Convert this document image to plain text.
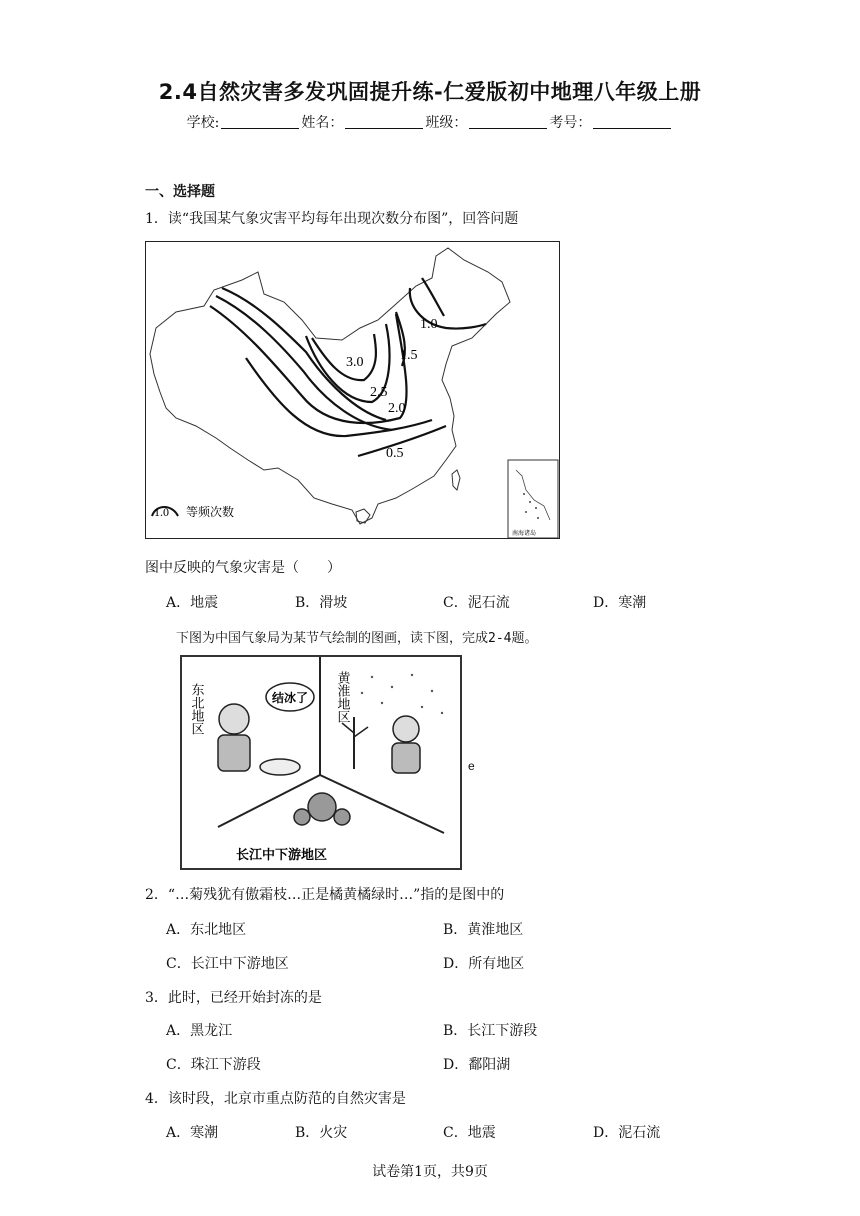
2.4自然灾害多发巩固提升练-仁爱版初中地理八年级上册
学校:	姓名：	班级：	考号：
一、选择题
1．读“我国某气象灾害平均每年出现次数分布图”，回答问题
3.0
2.5
2.0
1.5
1.0
0.5
1.0 等频次数
南海诸岛
图中反映的气象灾害是（　　）
A．地震	B．滑坡	C．泥石流	D．寒潮
下图为中国气象局为某节气绘制的图画，读下图，完成2-4题。
结冰了
东北地区	黄淮地区
长江中下游地区
e
2．“…菊残犹有傲霜枝…正是橘黄橘绿时…”指的是图中的
A．东北地区	B．黄淮地区
C．长江中下游地区	D．所有地区
3．此时，已经开始封冻的是
A．黑龙江	B．长江下游段
C．珠江下游段	D．鄱阳湖
4．该时段，北京市重点防范的自然灾害是
A．寒潮	B．火灾	C．地震	D．泥石流
试卷第1页，共9页
